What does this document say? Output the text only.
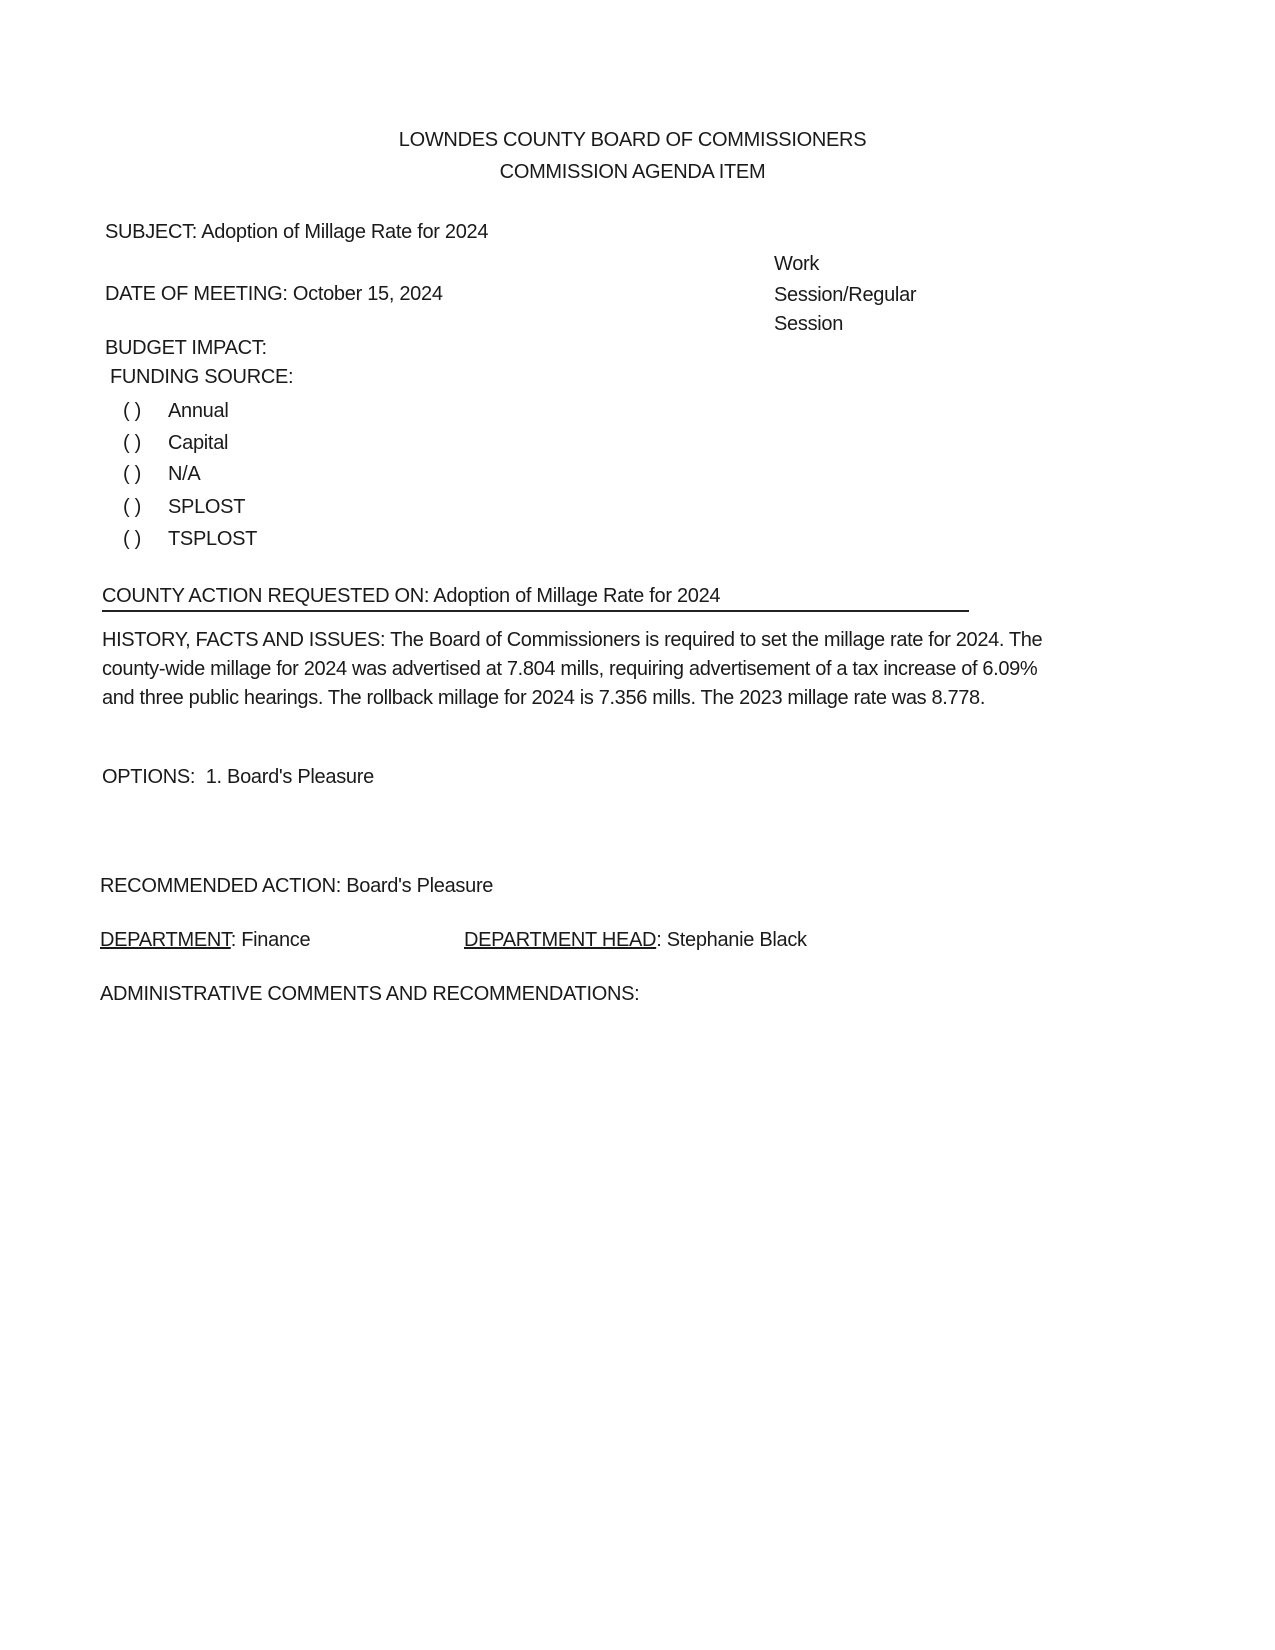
LOWNDES COUNTY BOARD OF COMMISSIONERS
COMMISSION AGENDA ITEM
SUBJECT: Adoption of Millage Rate for 2024
DATE OF MEETING: October 15, 2024
Work
Session/Regular
Session
BUDGET IMPACT:
FUNDING SOURCE:
( ) Annual
( ) Capital
( ) N/A
( ) SPLOST
( ) TSPLOST
COUNTY ACTION REQUESTED ON: Adoption of Millage Rate for 2024
HISTORY, FACTS AND ISSUES: The Board of Commissioners is required to set the millage rate for 2024. The
county-wide millage for 2024 was advertised at 7.804 mills, requiring advertisement of a tax increase of 6.09%
and three public hearings. The rollback millage for 2024 is 7.356 mills. The 2023 millage rate was 8.778.
OPTIONS: 1. Board's Pleasure
RECOMMENDED ACTION: Board's Pleasure
DEPARTMENT: Finance	DEPARTMENT HEAD: Stephanie Black
ADMINISTRATIVE COMMENTS AND RECOMMENDATIONS:
